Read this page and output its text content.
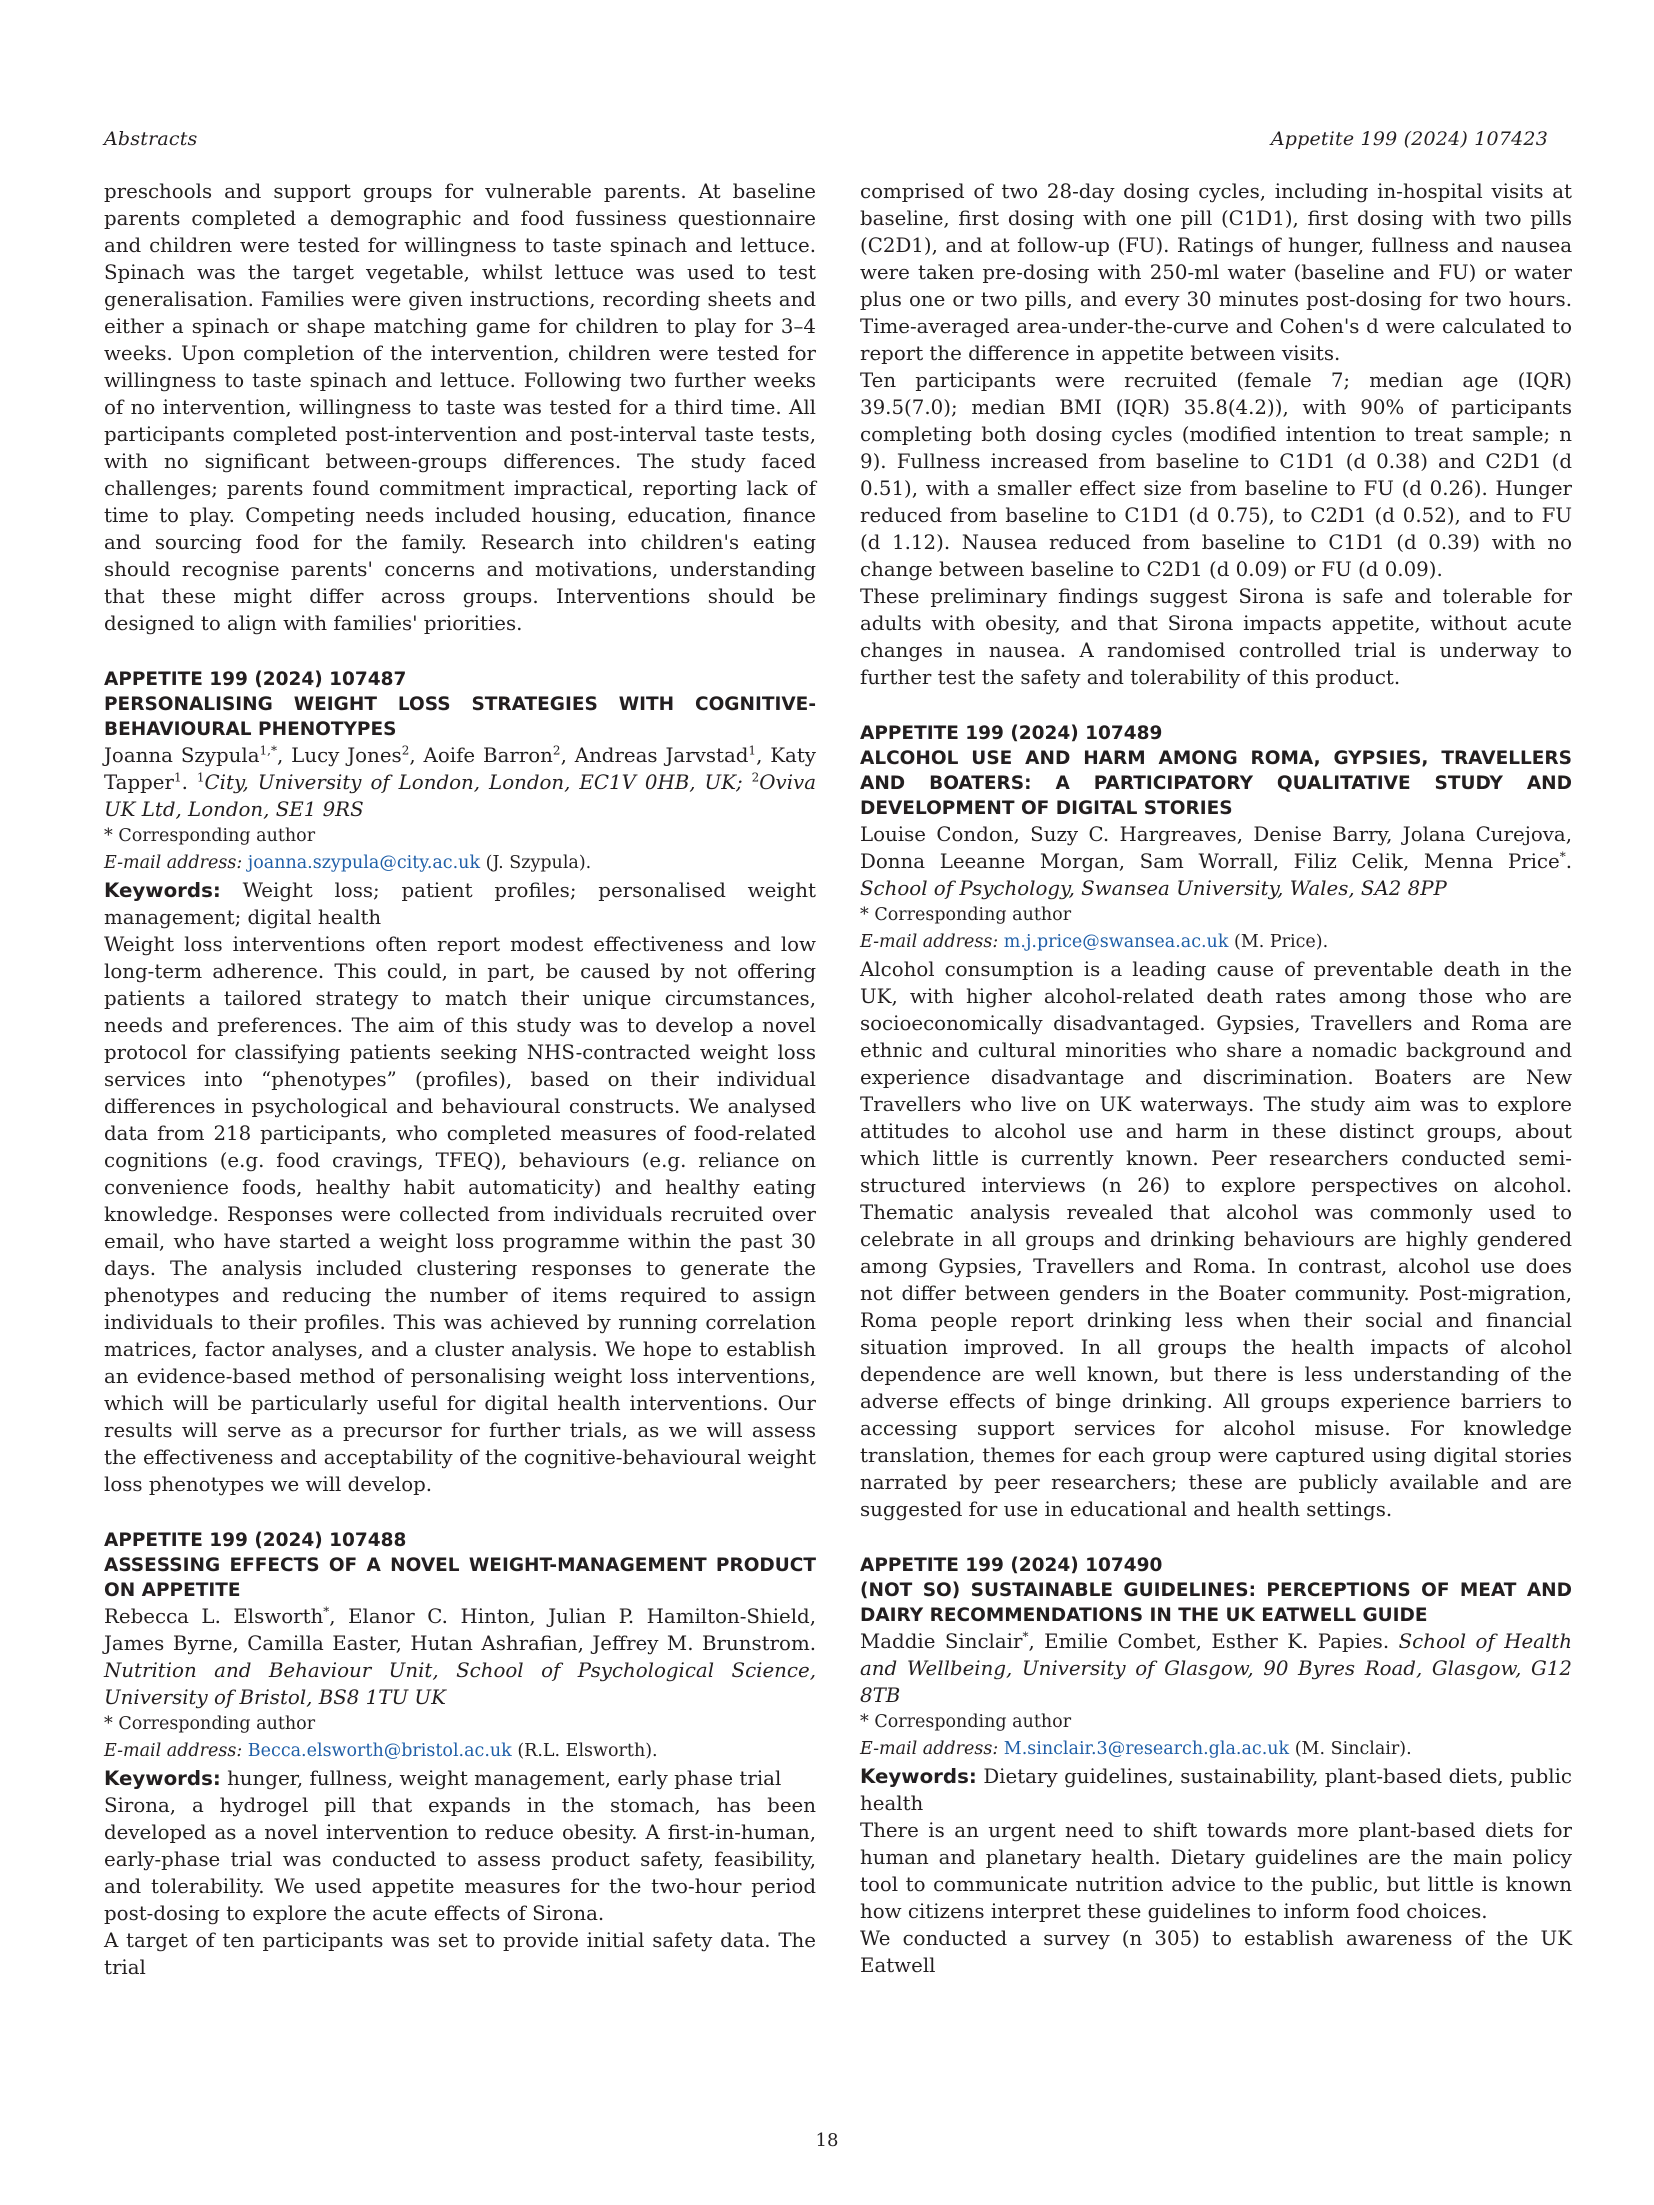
Abstracts	Appetite 199 (2024) 107423

preschools and support groups for vulnerable parents. At baseline parents completed a demographic and food fussiness questionnaire and children were tested for willingness to taste spinach and lettuce. Spinach was the target vegetable, whilst lettuce was used to test generalisation. Families were given instructions, recording sheets and either a spinach or shape matching game for children to play for 3–4 weeks. Upon completion of the intervention, children were tested for willingness to taste spinach and lettuce. Following two further weeks of no intervention, willingness to taste was tested for a third time. All participants completed post-intervention and post-interval taste tests, with no significant between-groups differences. The study faced challenges; parents found commitment impractical, reporting lack of time to play. Competing needs included housing, education, finance and sourcing food for the family. Research into children's eating should recognise parents' concerns and motivations, understanding that these might differ across groups. Interventions should be designed to align with families' priorities.

APPETITE 199 (2024) 107487
PERSONALISING WEIGHT LOSS STRATEGIES WITH COGNITIVE-BEHAVIOURAL PHENOTYPES

Joanna Szypula$^{1,*}$, Lucy Jones$^2$, Aoife Barron$^2$, Andreas Jarvstad$^1$, Katy Tapper$^1$. $^1$City, University of London, London, EC1V 0HB, UK; $^2$Oviva UK Ltd, London, SE1 9RS

* Corresponding author

E-mail address: joanna.szypula@city.ac.uk (J. Szypula).

Keywords: Weight loss; patient profiles; personalised weight management; digital health

Weight loss interventions often report modest effectiveness and low long-term adherence. This could, in part, be caused by not offering patients a tailored strategy to match their unique circumstances, needs and preferences. The aim of this study was to develop a novel protocol for classifying patients seeking NHS-contracted weight loss services into “phenotypes” (profiles), based on their individual differences in psychological and behavioural constructs. We analysed data from 218 participants, who completed measures of food-related cognitions (e.g. food cravings, TFEQ), behaviours (e.g. reliance on convenience foods, healthy habit automaticity) and healthy eating knowledge. Responses were collected from individuals recruited over email, who have started a weight loss programme within the past 30 days. The analysis included clustering responses to generate the phenotypes and reducing the number of items required to assign individuals to their profiles. This was achieved by running correlation matrices, factor analyses, and a cluster analysis. We hope to establish an evidence-based method of personalising weight loss interventions, which will be particularly useful for digital health interventions. Our results will serve as a precursor for further trials, as we will assess the effectiveness and acceptability of the cognitive-behavioural weight loss phenotypes we will develop.

APPETITE 199 (2024) 107488
ASSESSING EFFECTS OF A NOVEL WEIGHT-MANAGEMENT PRODUCT ON APPETITE

Rebecca L. Elsworth*, Elanor C. Hinton, Julian P. Hamilton-Shield, James Byrne, Camilla Easter, Hutan Ashrafian, Jeffrey M. Brunstrom. Nutrition and Behaviour Unit, School of Psychological Science, University of Bristol, BS8 1TU UK

* Corresponding author

E-mail address: Becca.elsworth@bristol.ac.uk (R.L. Elsworth).

Keywords: hunger, fullness, weight management, early phase trial

Sirona, a hydrogel pill that expands in the stomach, has been developed as a novel intervention to reduce obesity. A first-in-human, early-phase trial was conducted to assess product safety, feasibility, and tolerability. We used appetite measures for the two-hour period post-dosing to explore the acute effects of Sirona.

A target of ten participants was set to provide initial safety data. The trial

comprised of two 28-day dosing cycles, including in-hospital visits at baseline, first dosing with one pill (C1D1), first dosing with two pills (C2D1), and at follow-up (FU). Ratings of hunger, fullness and nausea were taken pre-dosing with 250-ml water (baseline and FU) or water plus one or two pills, and every 30 minutes post-dosing for two hours. Time-averaged area-under-the-curve and Cohen's d were calculated to report the difference in appetite between visits.

Ten participants were recruited (female 7; median age (IQR) 39.5(7.0); median BMI (IQR) 35.8(4.2)), with 90% of participants completing both dosing cycles (modified intention to treat sample; n 9). Fullness increased from baseline to C1D1 (d 0.38) and C2D1 (d 0.51), with a smaller effect size from baseline to FU (d 0.26). Hunger reduced from baseline to C1D1 (d 0.75), to C2D1 (d 0.52), and to FU (d 1.12). Nausea reduced from baseline to C1D1 (d 0.39) with no change between baseline to C2D1 (d 0.09) or FU (d 0.09).

These preliminary findings suggest Sirona is safe and tolerable for adults with obesity, and that Sirona impacts appetite, without acute changes in nausea. A randomised controlled trial is underway to further test the safety and tolerability of this product.

APPETITE 199 (2024) 107489
ALCOHOL USE AND HARM AMONG ROMA, GYPSIES, TRAVELLERS AND BOATERS: A PARTICIPATORY QUALITATIVE STUDY AND DEVELOPMENT OF DIGITAL STORIES

Louise Condon, Suzy C. Hargreaves, Denise Barry, Jolana Curejova, Donna Leeanne Morgan, Sam Worrall, Filiz Celik, Menna Price*. School of Psychology, Swansea University, Wales, SA2 8PP

* Corresponding author

E-mail address: m.j.price@swansea.ac.uk (M. Price).

Alcohol consumption is a leading cause of preventable death in the UK, with higher alcohol-related death rates among those who are socioeconomically disadvantaged. Gypsies, Travellers and Roma are ethnic and cultural minorities who share a nomadic background and experience disadvantage and discrimination. Boaters are New Travellers who live on UK waterways. The study aim was to explore attitudes to alcohol use and harm in these distinct groups, about which little is currently known. Peer researchers conducted semi-structured interviews (n 26) to explore perspectives on alcohol. Thematic analysis revealed that alcohol was commonly used to celebrate in all groups and drinking behaviours are highly gendered among Gypsies, Travellers and Roma. In contrast, alcohol use does not differ between genders in the Boater community. Post-migration, Roma people report drinking less when their social and financial situation improved. In all groups the health impacts of alcohol dependence are well known, but there is less understanding of the adverse effects of binge drinking. All groups experience barriers to accessing support services for alcohol misuse. For knowledge translation, themes for each group were captured using digital stories narrated by peer researchers; these are publicly available and are suggested for use in educational and health settings.

APPETITE 199 (2024) 107490
(NOT SO) SUSTAINABLE GUIDELINES: PERCEPTIONS OF MEAT AND DAIRY RECOMMENDATIONS IN THE UK EATWELL GUIDE

Maddie Sinclair*, Emilie Combet, Esther K. Papies. School of Health and Wellbeing, University of Glasgow, 90 Byres Road, Glasgow, G12 8TB

* Corresponding author

E-mail address: M.sinclair.3@research.gla.ac.uk (M. Sinclair).

Keywords: Dietary guidelines, sustainability, plant-based diets, public health

There is an urgent need to shift towards more plant-based diets for human and planetary health. Dietary guidelines are the main policy tool to communicate nutrition advice to the public, but little is known how citizens interpret these guidelines to inform food choices.

We conducted a survey (n 305) to establish awareness of the UK Eatwell

18
